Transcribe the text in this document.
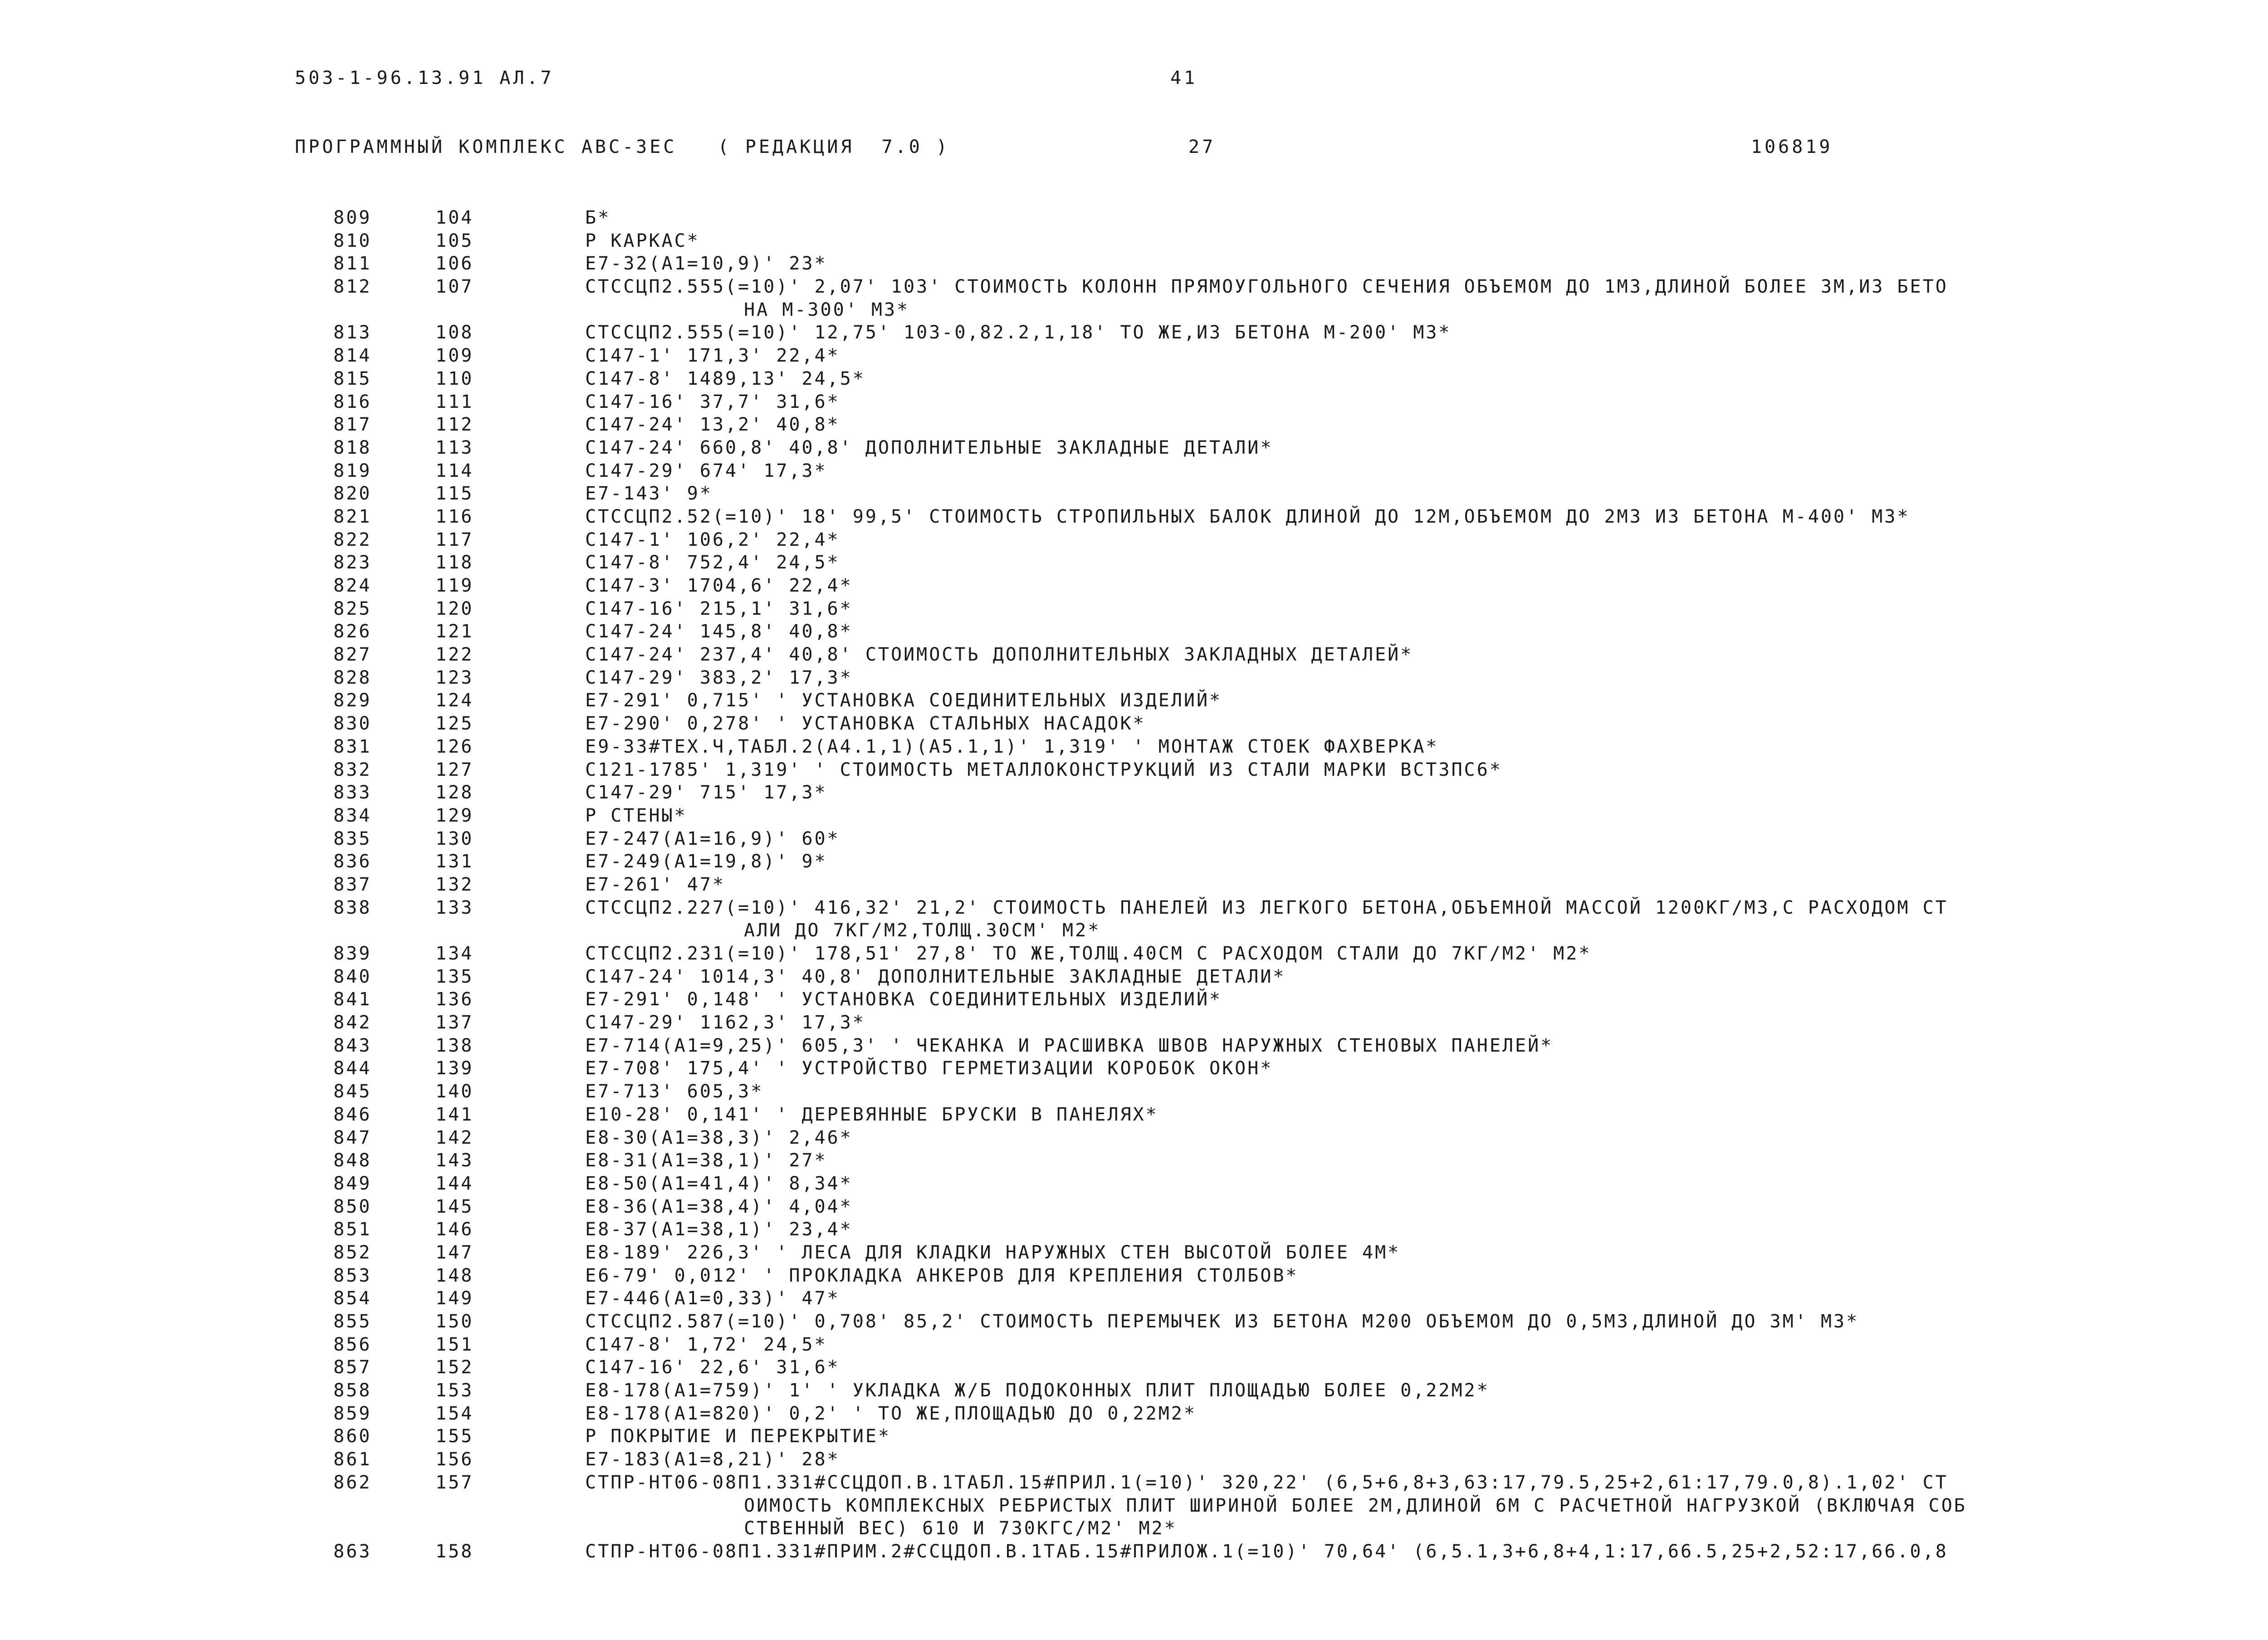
503-1-96.13.91 АЛ.7	41
ПРОГРАММНЫЙ КОМПЛЕКС АВС-3ЕС   ( РЕДАКЦИЯ  7.0 )	27	106819
809	104	Б*
810	105	Р КАРКАС*
811	106	Е7-32(А1=10,9)' 23*
812	107	СТССЦП2.555(=10)' 2,07' 103' СТОИМОСТЬ КОЛОНН ПРЯМОУГОЛЬНОГО СЕЧЕНИЯ ОБЪЕМОМ ДО 1М3,ДЛИНОЙ БОЛЕЕ 3М,ИЗ БЕТО
НА М-300' М3*
813	108	СТССЦП2.555(=10)' 12,75' 103-0,82.2,1,18' ТО ЖЕ,ИЗ БЕТОНА М-200' М3*
814	109	С147-1' 171,3' 22,4*
815	110	С147-8' 1489,13' 24,5*
816	111	С147-16' 37,7' 31,6*
817	112	С147-24' 13,2' 40,8*
818	113	С147-24' 660,8' 40,8' ДОПОЛНИТЕЛЬНЫЕ ЗАКЛАДНЫЕ ДЕТАЛИ*
819	114	С147-29' 674' 17,3*
820	115	Е7-143' 9*
821	116	СТССЦП2.52(=10)' 18' 99,5' СТОИМОСТЬ СТРОПИЛЬНЫХ БАЛОК ДЛИНОЙ ДО 12М,ОБЪЕМОМ ДО 2М3 ИЗ БЕТОНА М-400' М3*
822	117	С147-1' 106,2' 22,4*
823	118	С147-8' 752,4' 24,5*
824	119	С147-3' 1704,6' 22,4*
825	120	С147-16' 215,1' 31,6*
826	121	С147-24' 145,8' 40,8*
827	122	С147-24' 237,4' 40,8' СТОИМОСТЬ ДОПОЛНИТЕЛЬНЫХ ЗАКЛАДНЫХ ДЕТАЛЕЙ*
828	123	С147-29' 383,2' 17,3*
829	124	Е7-291' 0,715' ' УСТАНОВКА СОЕДИНИТЕЛЬНЫХ ИЗДЕЛИЙ*
830	125	Е7-290' 0,278' ' УСТАНОВКА СТАЛЬНЫХ НАСАДОК*
831	126	Е9-33#ТЕХ.Ч,ТАБЛ.2(А4.1,1)(А5.1,1)' 1,319' ' МОНТАЖ СТОЕК ФАХВЕРКА*
832	127	С121-1785' 1,319' ' СТОИМОСТЬ МЕТАЛЛОКОНСТРУКЦИЙ ИЗ СТАЛИ МАРКИ ВСТ3ПС6*
833	128	С147-29' 715' 17,3*
834	129	Р СТЕНЫ*
835	130	Е7-247(А1=16,9)' 60*
836	131	Е7-249(А1=19,8)' 9*
837	132	Е7-261' 47*
838	133	СТССЦП2.227(=10)' 416,32' 21,2' СТОИМОСТЬ ПАНЕЛЕЙ ИЗ ЛЕГКОГО БЕТОНА,ОБЪЕМНОЙ МАССОЙ 1200КГ/М3,С РАСХОДОМ СТ
АЛИ ДО 7КГ/М2,ТОЛЩ.30СМ' М2*
839	134	СТССЦП2.231(=10)' 178,51' 27,8' ТО ЖЕ,ТОЛЩ.40СМ С РАСХОДОМ СТАЛИ ДО 7КГ/М2' М2*
840	135	С147-24' 1014,3' 40,8' ДОПОЛНИТЕЛЬНЫЕ ЗАКЛАДНЫЕ ДЕТАЛИ*
841	136	Е7-291' 0,148' ' УСТАНОВКА СОЕДИНИТЕЛЬНЫХ ИЗДЕЛИЙ*
842	137	С147-29' 1162,3' 17,3*
843	138	Е7-714(А1=9,25)' 605,3' ' ЧЕКАНКА И РАСШИВКА ШВОВ НАРУЖНЫХ СТЕНОВЫХ ПАНЕЛЕЙ*
844	139	Е7-708' 175,4' ' УСТРОЙСТВО ГЕРМЕТИЗАЦИИ КОРОБОК ОКОН*
845	140	Е7-713' 605,3*
846	141	Е10-28' 0,141' ' ДЕРЕВЯННЫЕ БРУСКИ В ПАНЕЛЯХ*
847	142	Е8-30(А1=38,3)' 2,46*
848	143	Е8-31(А1=38,1)' 27*
849	144	Е8-50(А1=41,4)' 8,34*
850	145	Е8-36(А1=38,4)' 4,04*
851	146	Е8-37(А1=38,1)' 23,4*
852	147	Е8-189' 226,3' ' ЛЕСА ДЛЯ КЛАДКИ НАРУЖНЫХ СТЕН ВЫСОТОЙ БОЛЕЕ 4М*
853	148	Е6-79' 0,012' ' ПРОКЛАДКА АНКЕРОВ ДЛЯ КРЕПЛЕНИЯ СТОЛБОВ*
854	149	Е7-446(А1=0,33)' 47*
855	150	СТССЦП2.587(=10)' 0,708' 85,2' СТОИМОСТЬ ПЕРЕМЫЧЕК ИЗ БЕТОНА М200 ОБЪЕМОМ ДО 0,5М3,ДЛИНОЙ ДО 3М' М3*
856	151	С147-8' 1,72' 24,5*
857	152	С147-16' 22,6' 31,6*
858	153	Е8-178(А1=759)' 1' ' УКЛАДКА Ж/Б ПОДОКОННЫХ ПЛИТ ПЛОЩАДЬЮ БОЛЕЕ 0,22М2*
859	154	Е8-178(А1=820)' 0,2' ' ТО ЖЕ,ПЛОЩАДЬЮ ДО 0,22М2*
860	155	Р ПОКРЫТИЕ И ПЕРЕКРЫТИЕ*
861	156	Е7-183(А1=8,21)' 28*
862	157	СТПР-НТ06-08П1.331#ССЦДОП.В.1ТАБЛ.15#ПРИЛ.1(=10)' 320,22' (6,5+6,8+3,63:17,79.5,25+2,61:17,79.0,8).1,02' СТ
ОИМОСТЬ КОМПЛЕКСНЫХ РЕБРИСТЫХ ПЛИТ ШИРИНОЙ БОЛЕЕ 2М,ДЛИНОЙ 6М С РАСЧЕТНОЙ НАГРУЗКОЙ (ВКЛЮЧАЯ СОБ
СТВЕННЫЙ ВЕС) 610 И 730КГС/М2' М2*
863	158	СТПР-НТ06-08П1.331#ПРИМ.2#ССЦДОП.В.1ТАБ.15#ПРИЛОЖ.1(=10)' 70,64' (6,5.1,3+6,8+4,1:17,66.5,25+2,52:17,66.0,8
